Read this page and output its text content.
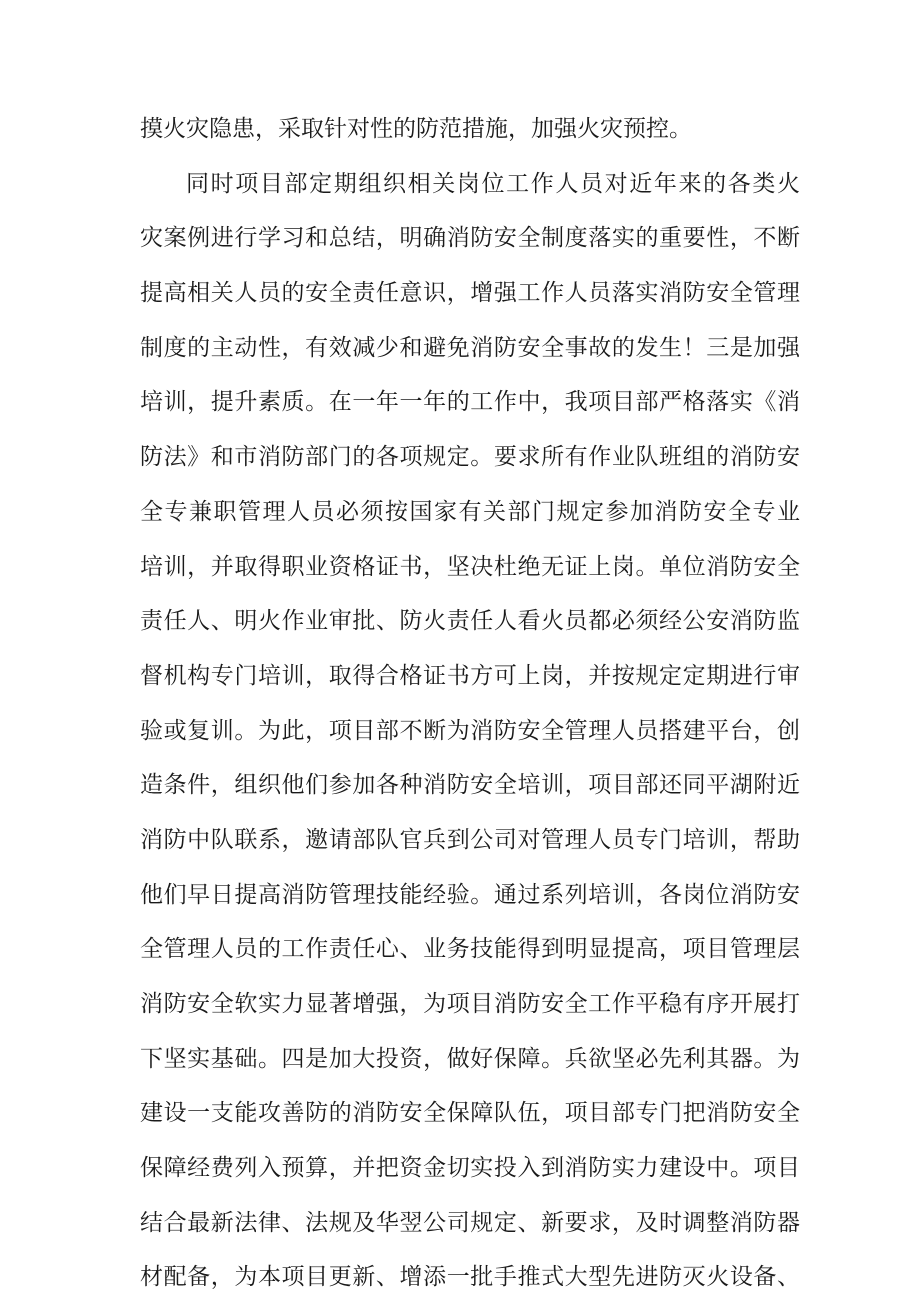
摸火灾隐患，采取针对性的防范措施，加强火灾预控。
同时项目部定期组织相关岗位工作人员对近年来的各类火
灾案例进行学习和总结，明确消防安全制度落实的重要性，不断
提高相关人员的安全责任意识，增强工作人员落实消防安全管理
制度的主动性，有效减少和避免消防安全事故的发生！三是加强
培训，提升素质。在一年一年的工作中，我项目部严格落实《消
防法》和市消防部门的各项规定。要求所有作业队班组的消防安
全专兼职管理人员必须按国家有关部门规定参加消防安全专业
培训，并取得职业资格证书，坚决杜绝无证上岗。单位消防安全
责任人、明火作业审批、防火责任人看火员都必须经公安消防监
督机构专门培训，取得合格证书方可上岗，并按规定定期进行审
验或复训。为此，项目部不断为消防安全管理人员搭建平台，创
造条件，组织他们参加各种消防安全培训，项目部还同平湖附近
消防中队联系，邀请部队官兵到公司对管理人员专门培训，帮助
他们早日提高消防管理技能经验。通过系列培训，各岗位消防安
全管理人员的工作责任心、业务技能得到明显提高，项目管理层
消防安全软实力显著增强，为项目消防安全工作平稳有序开展打
下坚实基础。四是加大投资，做好保障。兵欲坚必先利其器。为
建设一支能攻善防的消防安全保障队伍，项目部专门把消防安全
保障经费列入预算，并把资金切实投入到消防实力建设中。项目
结合最新法律、法规及华翌公司规定、新要求，及时调整消防器
材配备，为本项目更新、增添一批手推式大型先进防灭火设备、
